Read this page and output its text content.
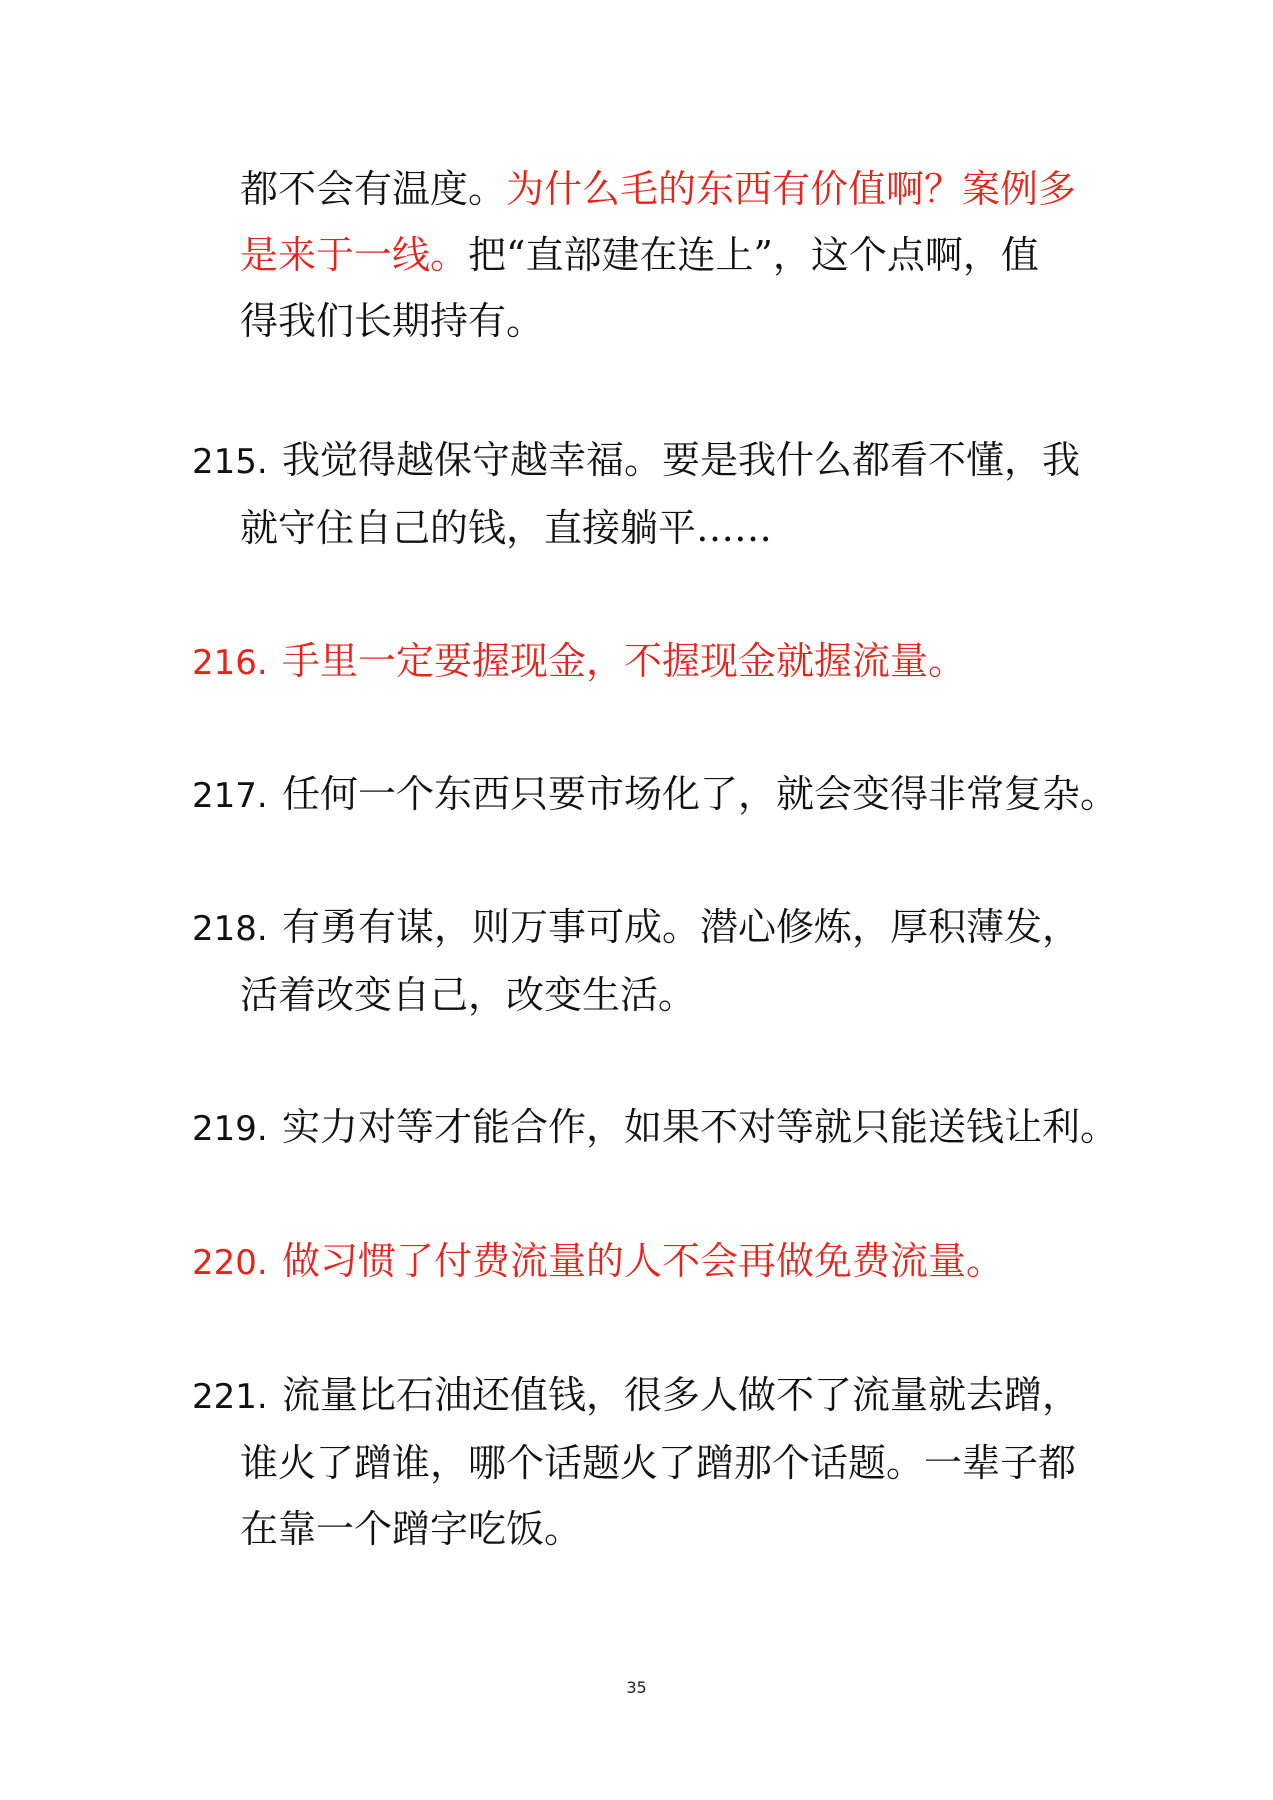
都不会有温度。为什么毛的东西有价值啊？案例多
是来于一线。把“直部建在连上”，这个点啊，值
得我们长期持有。
215. 我觉得越保守越幸福。要是我什么都看不懂，我
就守住自己的钱，直接躺平……
216. 手里一定要握现金，不握现金就握流量。
217. 任何一个东西只要市场化了，就会变得非常复杂。
218. 有勇有谋，则万事可成。潜心修炼，厚积薄发，
活着改变自己，改变生活。
219. 实力对等才能合作，如果不对等就只能送钱让利。
220. 做习惯了付费流量的人不会再做免费流量。
221. 流量比石油还值钱，很多人做不了流量就去蹭，
谁火了蹭谁，哪个话题火了蹭那个话题。一辈子都
在靠一个蹭字吃饭。
35
